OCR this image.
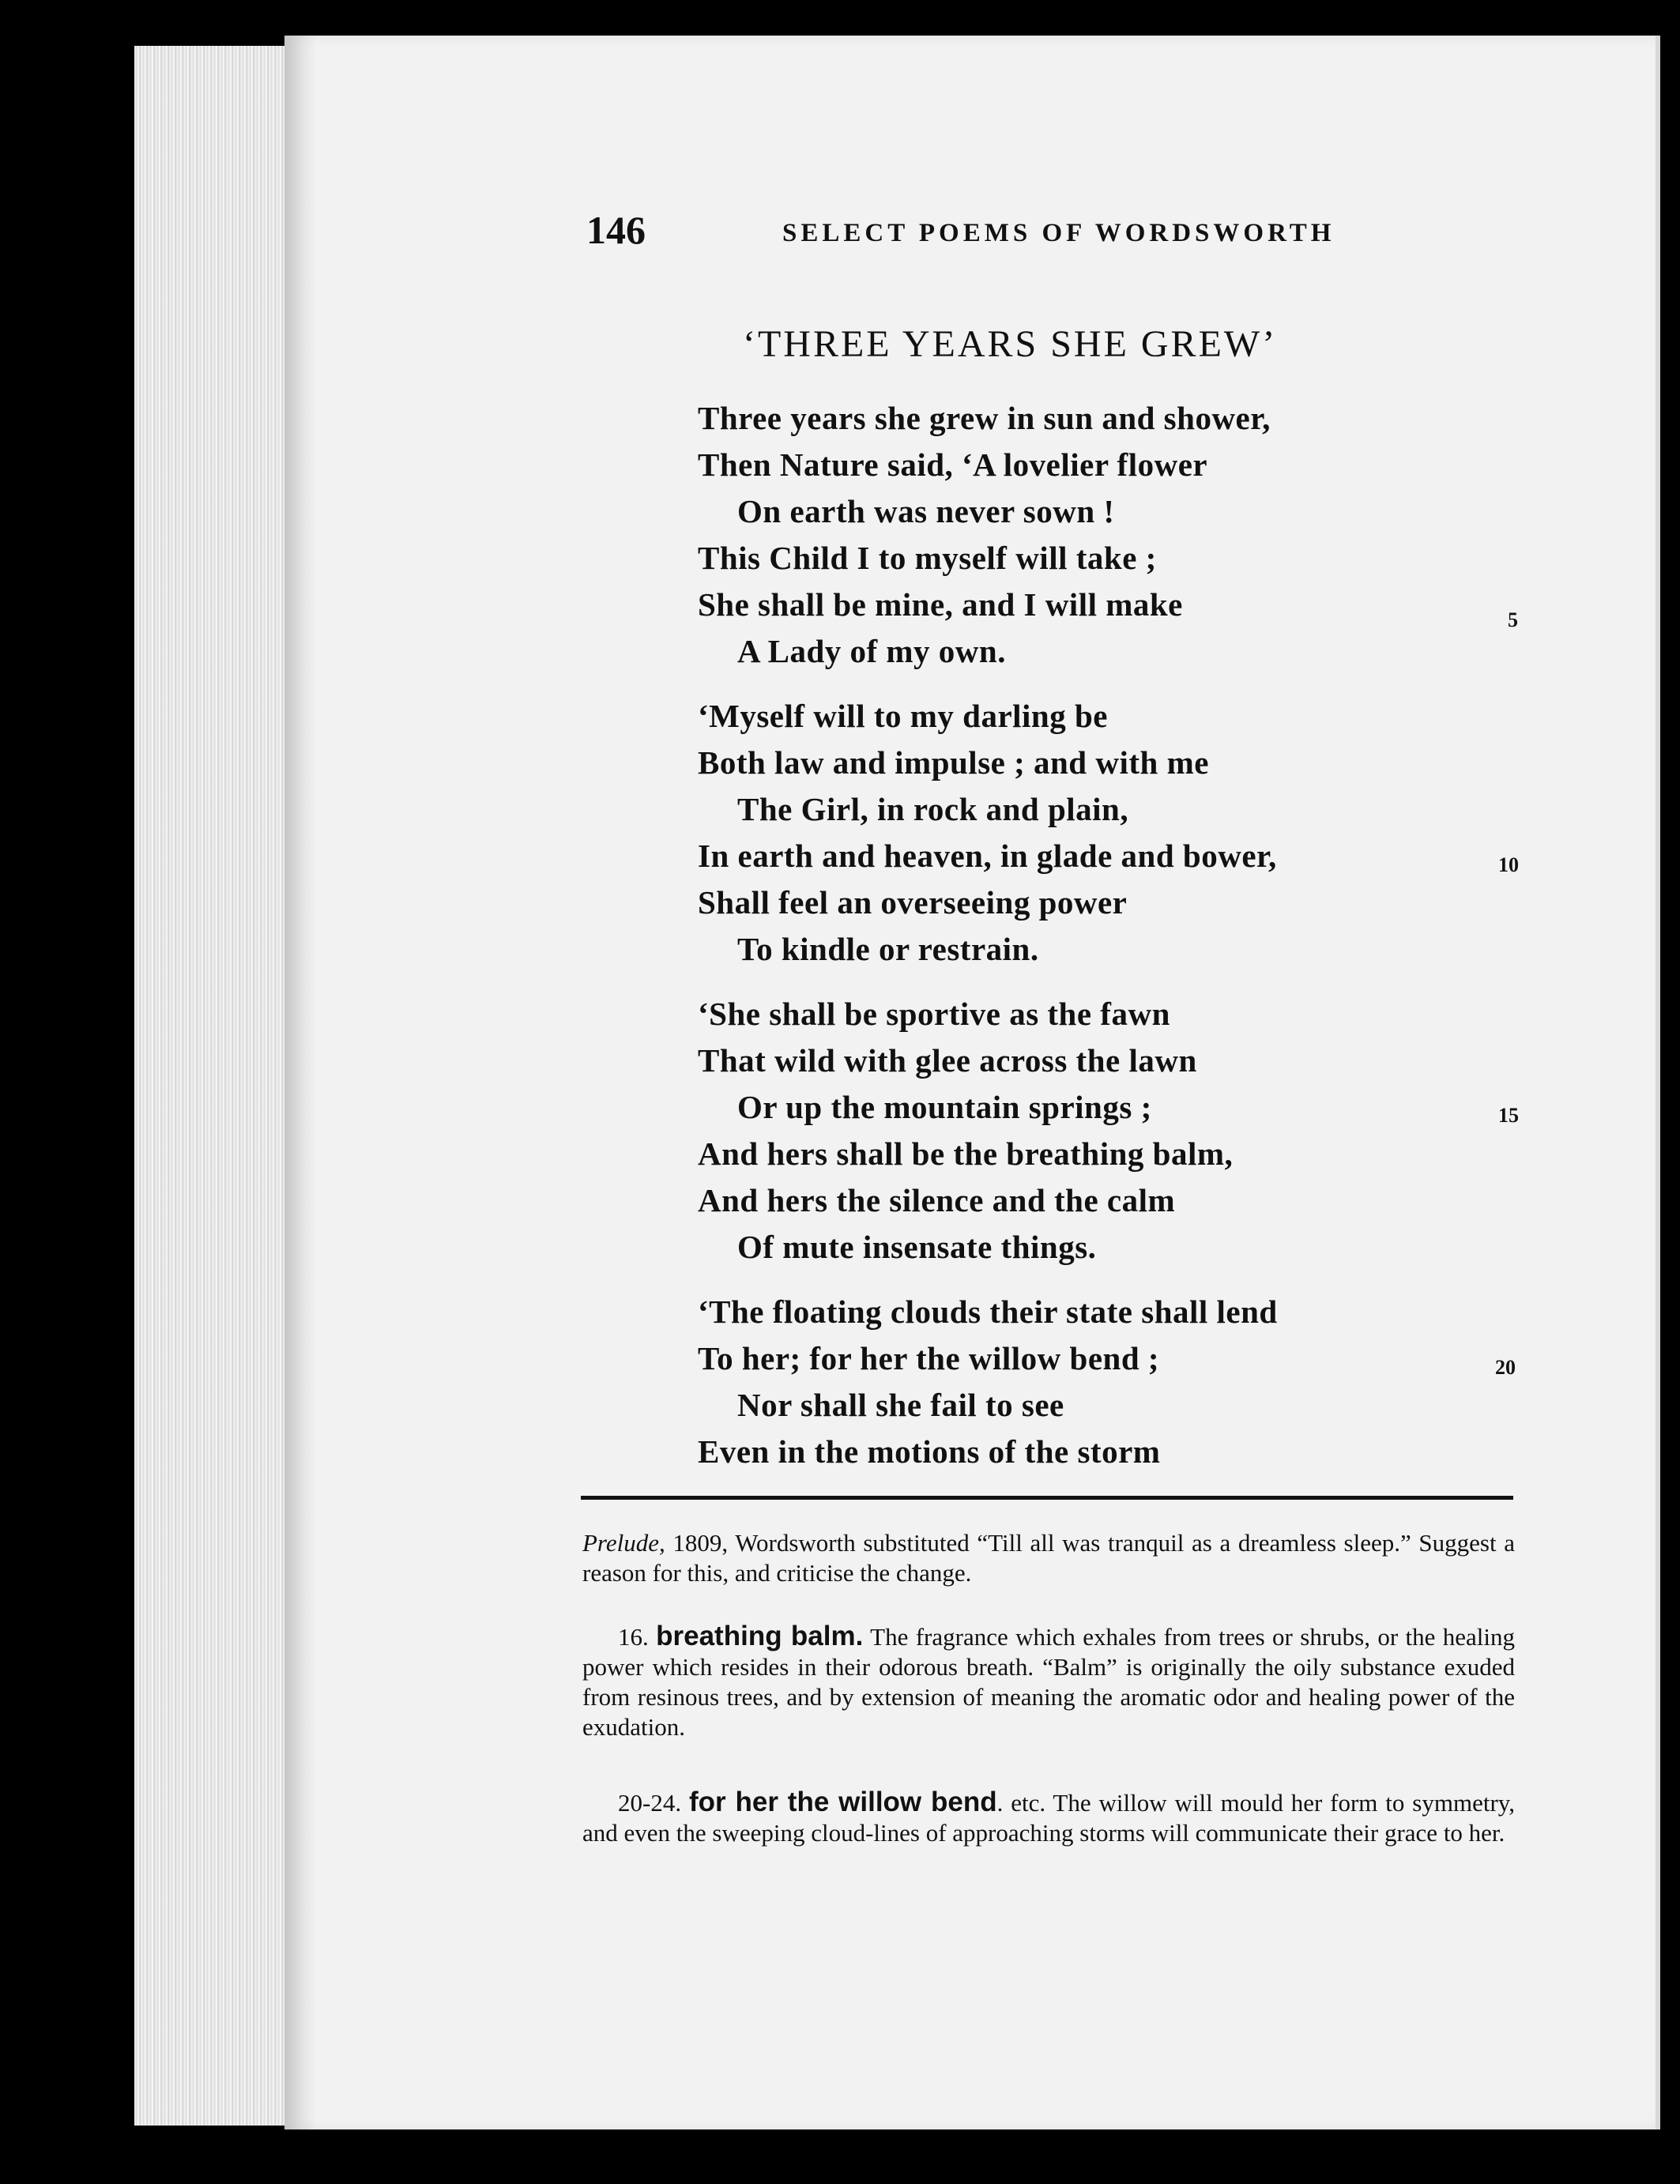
146	SELECT POEMS OF WORDSWORTH
‘THREE YEARS SHE GREW’
Three years she grew in sun and shower,
Then Nature said, ‘A lovelier flower
On earth was never sown !
This Child I to myself will take ;
She shall be mine, and I will make
A Lady of my own.
‘Myself will to my darling be
Both law and impulse ; and with me
The Girl, in rock and plain,
In earth and heaven, in glade and bower,
Shall feel an overseeing power
To kindle or restrain.
‘She shall be sportive as the fawn
That wild with glee across the lawn
Or up the mountain springs ;
And hers shall be the breathing balm,
And hers the silence and the calm
Of mute insensate things.
‘The floating clouds their state shall lend
To her; for her the willow bend ;
Nor shall she fail to see
Even in the motions of the storm
5
10
15
20
Prelude, 1809, Wordsworth substituted “Till all was tranquil as a dreamless sleep.” Suggest a reason for this, and criticise the change.
16. breathing balm. The fragrance which exhales from trees or shrubs, or the healing power which resides in their odorous breath. “Balm” is originally the oily substance exuded from resinous trees, and by extension of meaning the aromatic odor and healing power of the exudation.
20-24. for her the willow bend. etc. The willow will mould her form to symmetry, and even the sweeping cloud-lines of approaching storms will communicate their grace to her.
